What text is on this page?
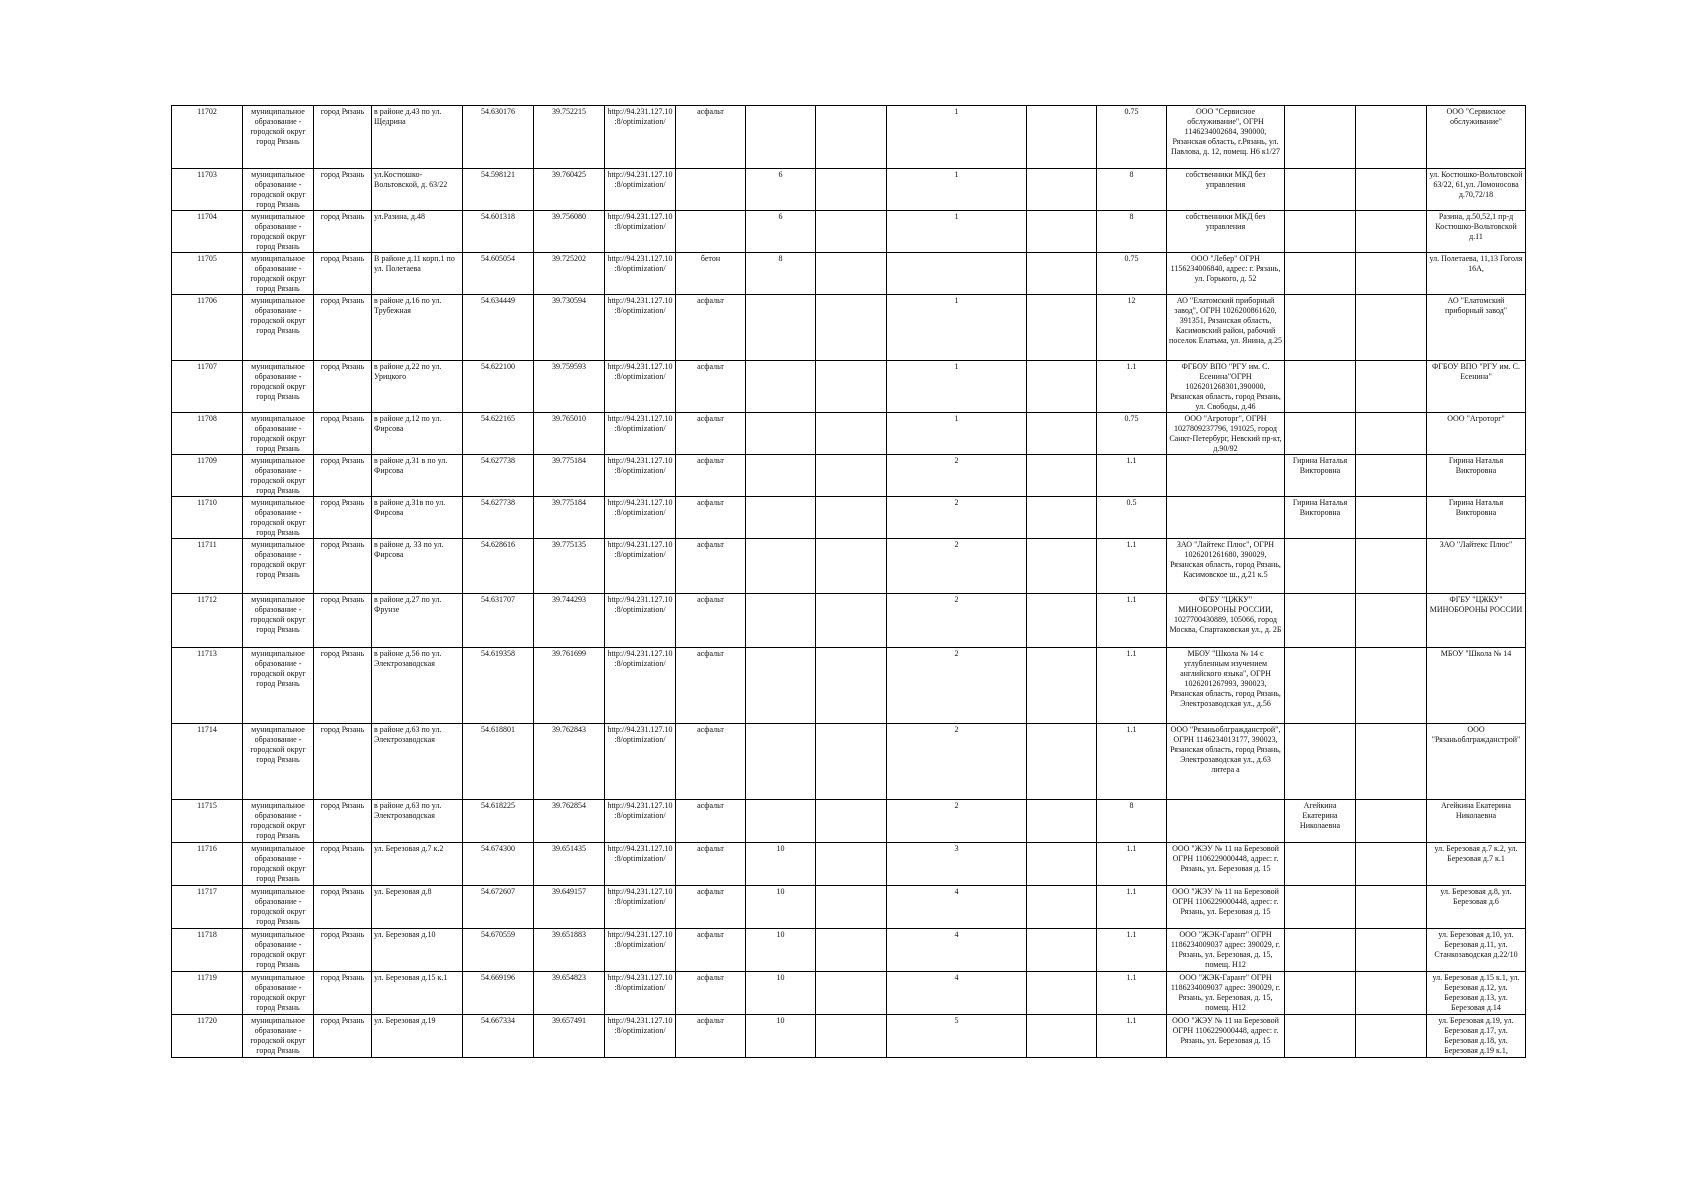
11702	муниципальное образование - городской округ город Рязань	город Рязань	в районе д.43 по ул. Щедрина	54.630176	39.752215	http://94.231.127.10:8/optimization/	асфальт			1		0.75	ООО "Сервисное обслуживание", ОГРН 1146234002684, 390000, Рязанская область, г.Рязань, ул. Павлова, д. 12, помещ. Н6 к1/27			ООО "Сервисное обслуживание"
11703	муниципальное образование - городской округ город Рязань	город Рязань	ул.Костюшко-Вольтовской, д. 63/22	54.598121	39.760425	http://94.231.127.10:8/optimization/		6		1		8	собственники МКД без управления			ул. Костюшко-Вольтовской 63/22, 61,ул. Ломоносова д.70,72/18
11704	муниципальное образование - городской округ город Рязань	город Рязань	ул.Разина, д.48	54.601318	39.756080	http://94.231.127.10:8/optimization/		6		1		8	собственники МКД без управления			Разина, д.50,52,1 пр-д Костюшко-Вольтовской д.11
11705	муниципальное образование - городской округ город Рязань	город Рязань	В районе д.11 корп.1 по ул. Полетаева	54.605054	39.725202	http://94.231.127.10:8/optimization/	бетон	8				0.75	ООО "Лебер" ОГРН 1156234006840, адрес: г. Рязань, ул. Горького, д. 52			ул. Полетаева, 11,13 Гоголя 16А,
11706	муниципальное образование - городской округ город Рязань	город Рязань	в районе д.16 по ул. Трубежная	54.634449	39.730594	http://94.231.127.10:8/optimization/	асфальт			1		12	АО "Елатомский приборный завод", ОГРН 1026200861620, 391351, Рязанская область, Касимовский район, рабочий поселок Елатьма, ул. Янина, д.25			АО "Елатомский приборный завод"
11707	муниципальное образование - городской округ город Рязань	город Рязань	в районе д.22 по ул. Урицкого	54.622100	39.759593	http://94.231.127.10:8/optimization/	асфальт			1		1.1	ФГБОУ ВПО "РГУ им. С. Есенина"ОГРН 1026201268301,390000, Рязанская область, город Рязань, ул. Свободы, д.46			ФГБОУ ВПО "РГУ им. С. Есенина"
11708	муниципальное образование - городской округ город Рязань	город Рязань	в районе д.12 по ул. Фирсова	54.622165	39.765010	http://94.231.127.10:8/optimization/	асфальт			1		0.75	ООО "Агроторг", ОГРН 1027809237796, 191025, город Санкт-Петербург, Невский пр-кт, д.90/92			ООО "Агроторг"
11709	муниципальное образование - городской округ город Рязань	город Рязань	в районе д.31 в по ул. Фирсова	54.627738	39.775184	http://94.231.127.10:8/optimization/	асфальт			2		1.1		Гирина Наталья Викторовна		Гирина Наталья Викторовна
11710	муниципальное образование - городской округ город Рязань	город Рязань	в районе д.31в по ул. Фирсова	54.627738	39.775184	http://94.231.127.10:8/optimization/	асфальт			2		0.5		Гирина Наталья Викторовна		Гирина Наталья Викторовна
11711	муниципальное образование - городской округ город Рязань	город Рязань	в районе д. 33 по ул. Фирсова	54.628616	39.775135	http://94.231.127.10:8/optimization/	асфальт			2		1.1	ЗАО "Лайтекс Плюс", ОГРН 1026201261680, 390029, Рязанская область, город Рязань, Касимовское ш., д.21 к.5			ЗАО "Лайтекс Плюс"
11712	муниципальное образование - городской округ город Рязань	город Рязань	в районе д.27 по ул. Фрунзе	54.631707	39.744293	http://94.231.127.10:8/optimization/	асфальт			2		1.1	ФГБУ "ЦЖКУ" МИНОБОРОНЫ РОССИИ, 1027700430889, 105066, город Москва, Спартаковская ул., д. 2Б			ФГБУ "ЦЖКУ" МИНОБОРОНЫ РОССИИ
11713	муниципальное образование - городской округ город Рязань	город Рязань	в районе д.56 по ул. Электрозаводская	54.619358	39.761699	http://94.231.127.10:8/optimization/	асфальт			2		1.1	МБОУ "Школа № 14 с углубленным изучением английского языка", ОГРН 1026201267993, 390023, Рязанская область, город Рязань, Электрозаводская ул., д.56			МБОУ "Школа № 14
11714	муниципальное образование - городской округ город Рязань	город Рязань	в районе д.63 по ул. Электрозаводская	54.618801	39.762843	http://94.231.127.10:8/optimization/	асфальт			2		1.1	ООО "Рязаньоблгражданстрой", ОГРН 1146234013177, 390023, Рязанская область, город Рязань, Электрозаводская ул., д.63 литера а			ООО "Рязаньоблгражданстрой"
11715	муниципальное образование - городской округ город Рязань	город Рязань	в районе д.63 по ул. Электрозаводская	54.618225	39.762854	http://94.231.127.10:8/optimization/	асфальт			2		8		Агейкина Екатерина Николаевна		Агейкина Екатерина Николаевна
11716	муниципальное образование - городской округ город Рязань	город Рязань	ул. Березовая д.7 к.2	54.674300	39.651435	http://94.231.127.10:8/optimization/	асфальт	10		3		1.1	ООО "ЖЭУ № 11 на Березовой ОГРН 1106229000448, адрес: г. Рязань, ул. Березовая д. 15			ул. Березовая д.7 к.2, ул. Березовая д.7 к.1
11717	муниципальное образование - городской округ город Рязань	город Рязань	ул. Березовая д.8	54.672607	39.649157	http://94.231.127.10:8/optimization/	асфальт	10		4		1.1	ООО "ЖЭУ № 11 на Березовой ОГРН 1106229000448, адрес: г. Рязань, ул. Березовая д. 15			ул. Березовая д.8, ул. Березовая д.6
11718	муниципальное образование - городской округ город Рязань	город Рязань	ул. Березовая д.10	54.670559	39.651883	http://94.231.127.10:8/optimization/	асфальт	10		4		1.1	ООО "ЖЭК-Гарант" ОГРН 1186234009037 адрес: 390029, г. Рязань, ул. Березовая, д. 15, помещ. Н12			ул. Березовая д.10, ул. Березовая д.11, ул. Станкозаводская д.22/10
11719	муниципальное образование - городской округ город Рязань	город Рязань	ул. Березовая д.15 к.1	54.669196	39.654823	http://94.231.127.10:8/optimization/	асфальт	10		4		1.1	ООО "ЖЭК-Гарант" ОГРН 1186234009037 адрес: 390029, г. Рязань, ул. Березовая, д. 15, помещ. Н12			ул. Березовая д.15 к.1, ул. Березовая д.12, ул. Березовая д.13, ул. Березовая д.14
11720	муниципальное образование - городской округ город Рязань	город Рязань	ул. Березовая д.19	54.667334	39.657491	http://94.231.127.10:8/optimization/	асфальт	10		5		1.1	ООО "ЖЭУ № 11 на Березовой ОГРН 1106229000448, адрес: г. Рязань, ул. Березовая д. 15			ул. Березовая д.19, ул. Березовая д.17, ул. Березовая д.18, ул. Березовая д.19 к.1,
